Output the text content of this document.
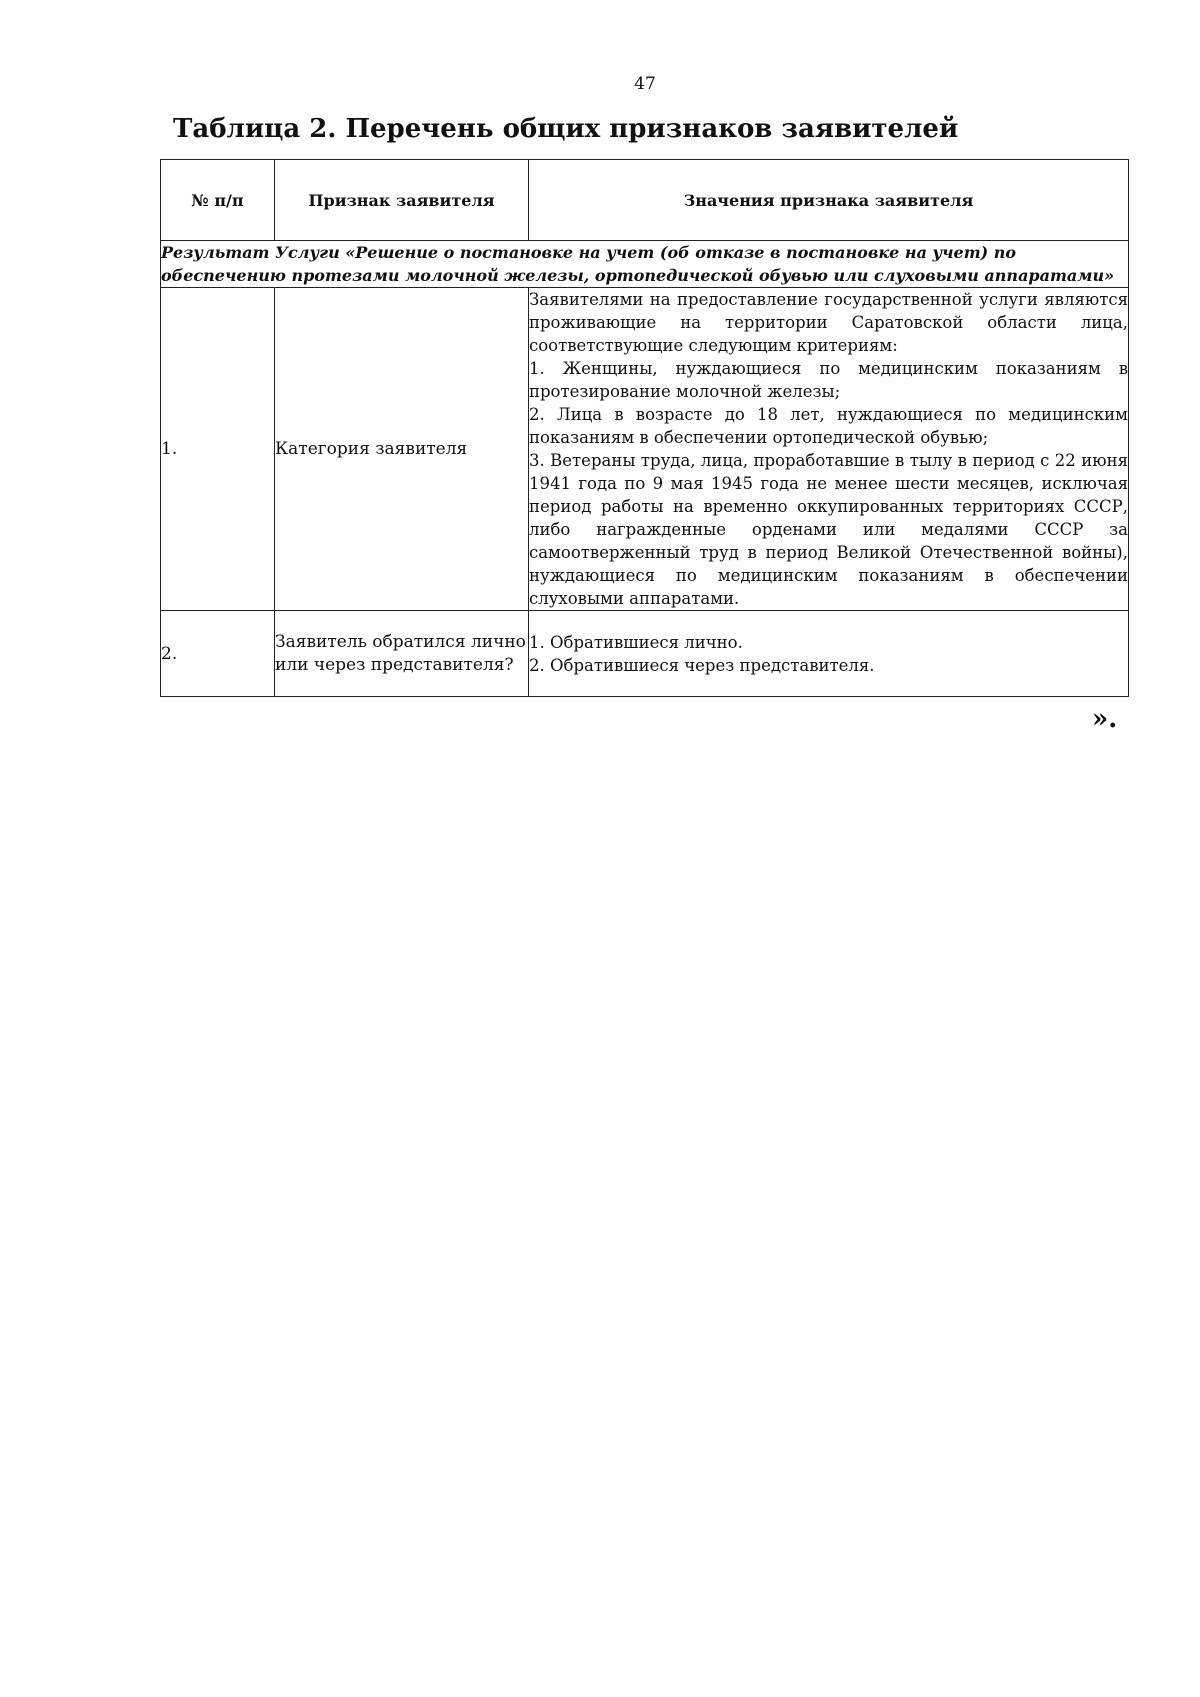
47
Таблица 2. Перечень общих признаков заявителей
№ п/п	Признак заявителя	Значения признака заявителя
Результат Услуги «Решение о постановке на учет (об отказе в постановке на учет) по обеспечению протезами молочной железы, ортопедической обувью или слуховыми аппаратами»		
1.	Категория заявителя	Заявителями на предоставление государственной услуги являются проживающие на территории Саратовской области лица, соответствующие следующим критериям:

1. Женщины, нуждающиеся по медицинским показаниям в протезирование молочной железы;

2. Лица в возрасте до 18 лет, нуждающиеся по медицинским показаниям в обеспечении ортопедической обувью;

3. Ветераны труда, лица, проработавшие в тылу в период с 22 июня 1941 года по 9 мая 1945 года не менее шести месяцев, исключая период работы на временно оккупированных территориях СССР, либо награжденные орденами или медалями СССР за самоотверженный труд в период Великой Отечественной войны), нуждающиеся по медицинским показаниям в обеспечении слуховыми аппаратами.

2.	Заявитель обратился лично или через представителя?	1. Обратившиеся лично.

2. Обратившиеся через представителя.

».
